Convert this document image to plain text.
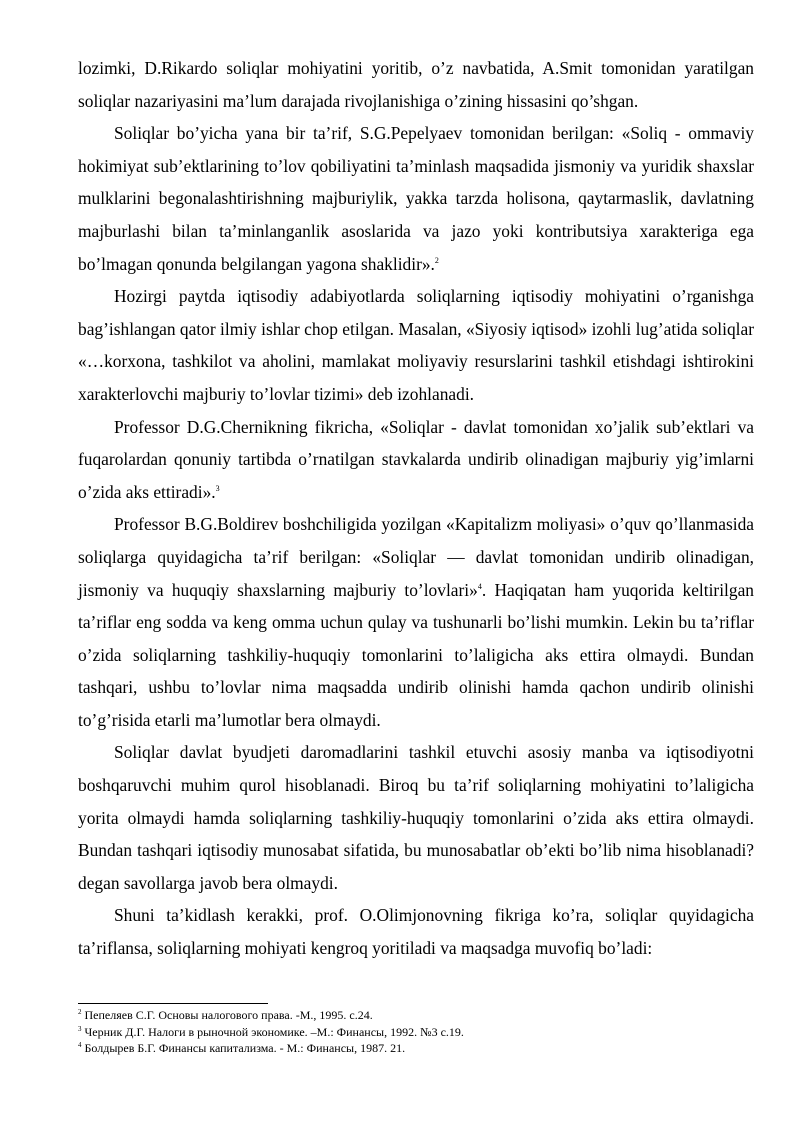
lozimki, D.Rikardo soliqlar mohiyatini yoritib, o’z navbatida, A.Smit tomonidan yaratilgan soliqlar nazariyasini ma’lum darajada rivojlanishiga o’zining hissasini qo’shgan.

Soliqlar bo’yicha yana bir ta’rif, S.G.Pepelyaev tomonidan berilgan: «Soliq - ommaviy hokimiyat sub’ektlarining to’lov qobiliyatini ta’minlash maqsadida jismoniy va yuridik shaxslar mulklarini begonalashtirishning majburiylik, yakka tarzda holisona, qaytarmaslik, davlatning majburlashi bilan ta’minlanganlik asoslarida va jazo yoki kontributsiya xarakteriga ega bo’lmagan qonunda belgilangan yagona shaklidir».$^2$

Hozirgi paytda iqtisodiy adabiyotlarda soliqlarning iqtisodiy mohiyatini o’rganishga bag’ishlangan qator ilmiy ishlar chop etilgan. Masalan, «Siyosiy iqtisod» izohli lug’atida soliqlar «…korxona, tashkilot va aholini, mamlakat moliyaviy resurslarini tashkil etishdagi ishtirokini xarakterlovchi majburiy to’lovlar tizimi» deb izohlanadi.

Professor D.G.Chernikning fikricha, «Soliqlar - davlat tomonidan xo’jalik sub’ektlari va fuqarolardan qonuniy tartibda o’rnatilgan stavkalarda undirib olinadigan majburiy yig’imlarni o’zida aks ettiradi».$^3$

Professor B.G.Boldirev boshchiligida yozilgan «Kapitalizm moliyasi» o’quv qo’llanmasida soliqlarga quyidagicha ta’rif berilgan: «Soliqlar — davlat tomonidan undirib olinadigan, jismoniy va huquqiy shaxslarning majburiy to’lovlari»$^4$. Haqiqatan ham yuqorida keltirilgan ta’riflar eng sodda va keng omma uchun qulay va tushunarli bo’lishi mumkin. Lekin bu ta’riflar o’zida soliqlarning tashkiliy-huquqiy tomonlarini to’laligicha aks ettira olmaydi. Bundan tashqari, ushbu to’lovlar nima maqsadda undirib olinishi hamda qachon undirib olinishi to’g’risida etarli ma’lumotlar bera olmaydi.

Soliqlar davlat byudjeti daromadlarini tashkil etuvchi asosiy manba va iqtisodiyotni boshqaruvchi muhim qurol hisoblanadi. Biroq bu ta’rif soliqlarning mohiyatini to’laligicha yorita olmaydi hamda soliqlarning tashkiliy-huquqiy tomonlarini o’zida aks ettira olmaydi. Bundan tashqari iqtisodiy munosabat sifatida, bu munosabatlar ob’ekti bo’lib nima hisoblanadi? degan savollarga javob bera olmaydi.

Shuni ta’kidlash kerakki, prof. O.Olimjonovning fikriga ko’ra, soliqlar quyidagicha ta’riflansa, soliqlarning mohiyati kengroq yoritiladi va maqsadga muvofiq bo’ladi:

$^2$ Пепеляев С.Г. Основы налогового права. -М., 1995. с.24.

$^3$ Черник Д.Г. Налоги в рыночной экономике. –М.: Финансы, 1992. №3 с.19.

$^4$ Болдырев Б.Г. Финансы капитализма. - М.: Финансы, 1987. 21.
